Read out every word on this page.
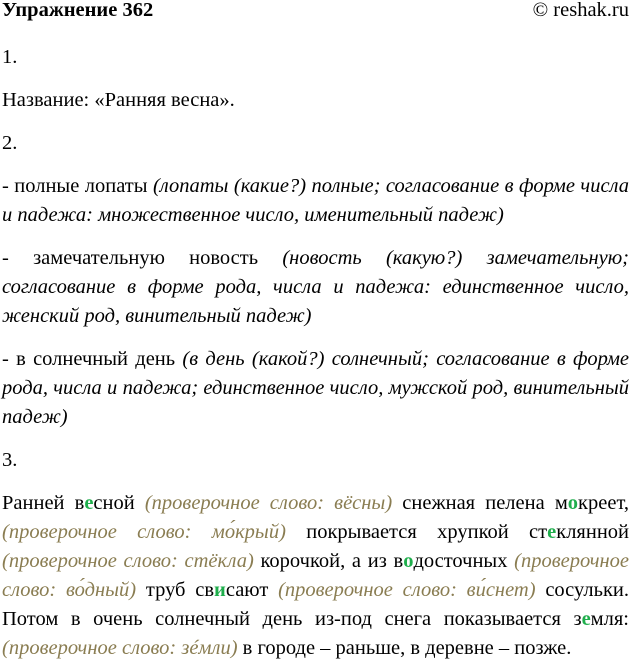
Упражнение 362	© reshak.ru

1.

Название: «Ранняя весна».

2.

- полные лопаты (лопаты (какие?) полные; согласование в форме числа и падежа: множественное число, именительный падеж)

- замечательную новость (новость (какую?) замечательную; согласование в форме рода, числа и падежа: единственное число, женский род, винительный падеж)

- в солнечный день (в день (какой?) солнечный; согласование в форме рода, числа и падежа; единственное число, мужской род, винительный падеж)

3.

Ранней весной (проверочное слово: вёсны) снежная пелена мокреет, (проверочное слово: мо́крый) покрывается хрупкой стеклянной (проверочное слово: стёкла) корочкой, а из водосточных (проверочное слово: во́дный) труб свисают (проверочное слово: ви́снет) сосульки. Потом в очень солнечный день из-под снега показывается земля: (проверочное слово: зéмли) в городе – раньше, в деревне – позже.
